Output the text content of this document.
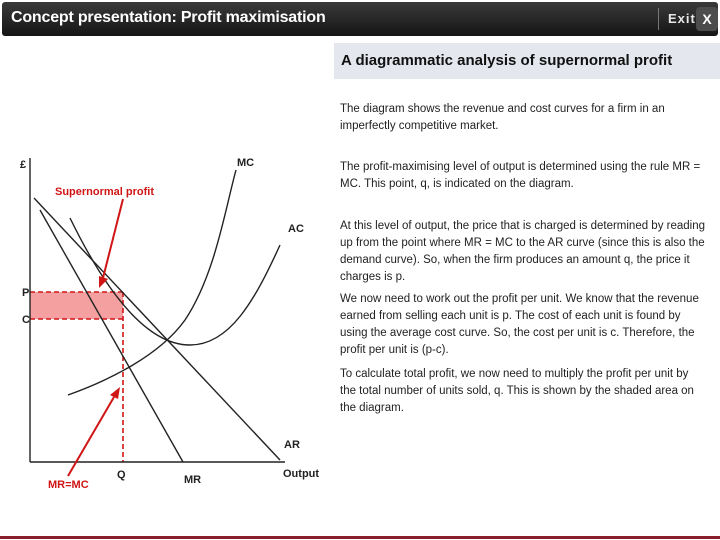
Concept presentation: Profit maximisation	Exit X
A diagrammatic analysis of supernormal profit
The diagram shows the revenue and cost curves for a firm in an imperfectly competitive market.
The profit-maximising level of output is determined using the rule MR = MC. This point, q, is indicated on the diagram.
At this level of output, the price that is charged is determined by reading up from the point where MR = MC to the AR curve (since this is also the demand curve). So, when the firm produces an amount q, the price it charges is p.
We now need to work out the profit per unit. We know that the revenue earned from selling each unit is p. The cost of each unit is found by using the average cost curve. So, the cost per unit is c. Therefore, the profit per unit is (p-c).
To calculate total profit, we now need to multiply the profit per unit by the total number of units sold, q. This is shown by the shaded area on the diagram.
£	MC
AC
AR
MR
P
C
Q	Output
Supernormal profit
MR=MC
